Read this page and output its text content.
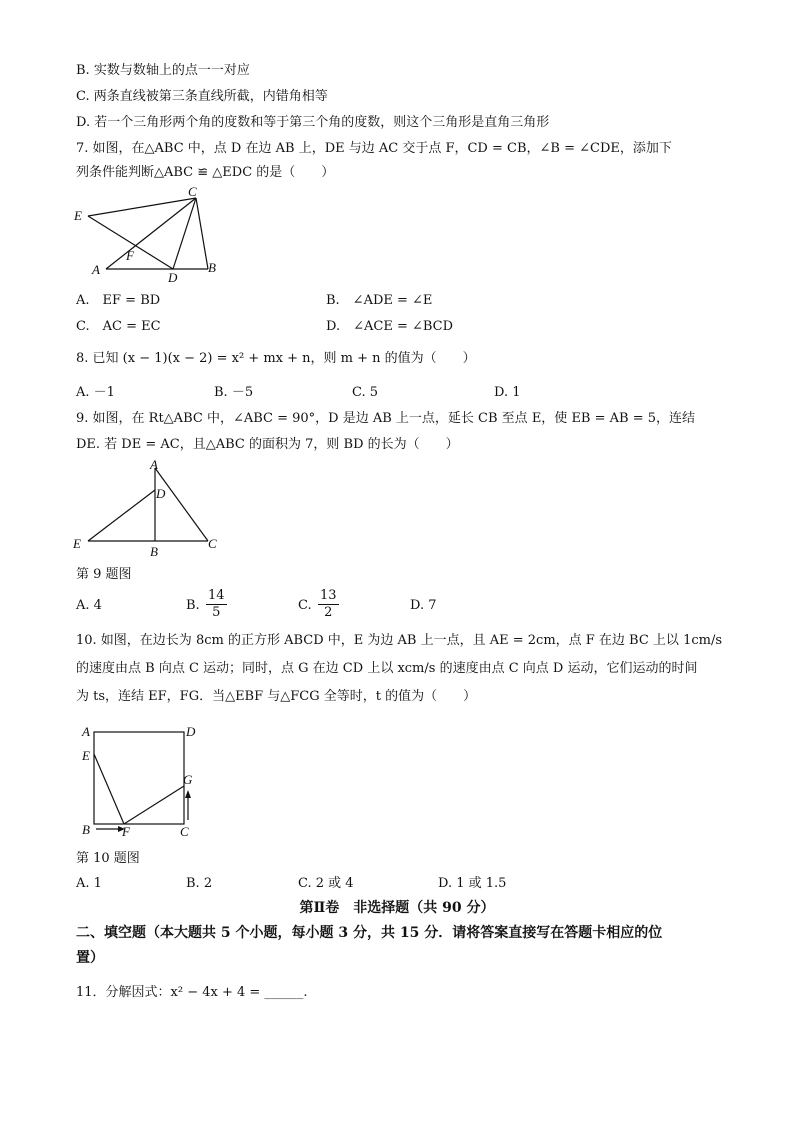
B. 实数与数轴上的点一一对应
C. 两条直线被第三条直线所截，内错角相等
D. 若一个三角形两个角的度数和等于第三个角的度数，则这个三角形是直角三角形
7. 如图，在△ABC 中，点 D 在边 AB 上，DE 与边 AC 交于点 F，CD = CB，∠B = ∠CDE，添加下
列条件能判断△ABC ≌ △EDC 的是（　　）
E
C
A
F
D
B
A.　EF = BD	B.　∠ADE = ∠E
C.　AC = EC	D.　∠ACE = ∠BCD
8. 已知 (x − 1)(x − 2) = x² + mx + n，则 m + n 的值为（　　）
A. －1	B. －5	C. 5	D. 1
9. 如图，在 Rt△ABC 中，∠ABC = 90°，D 是边 AB 上一点，延长 CB 至点 E，使 EB = AB = 5，连结
DE. 若 DE = AC，且△ABC 的面积为 7，则 BD 的长为（　　）
A
D
E
B
C
第 9 题图
A. 4	B. $\frac{14}{5}$	C. $\frac{13}{2}$	D. 7
10. 如图，在边长为 8cm 的正方形 ABCD 中，E 为边 AB 上一点，且 AE = 2cm，点 F 在边 BC 上以 1cm/s
的速度由点 B 向点 C 运动；同时，点 G 在边 CD 上以 xcm/s 的速度由点 C 向点 D 运动，它们运动的时间
为 ts，连结 EF，FG．当△EBF 与△FCG 全等时，t 的值为（　　）
A	D
E
G
B F	C
第 10 题图
A. 1	B. 2	C. 2 或 4	D. 1 或 1.5
第Ⅱ卷　非选择题（共 90 分）
二、填空题（本大题共 5 个小题，每小题 3 分，共 15 分．请将答案直接写在答题卡相应的位
置）
11．分解因式：x² − 4x + 4 = ______.
